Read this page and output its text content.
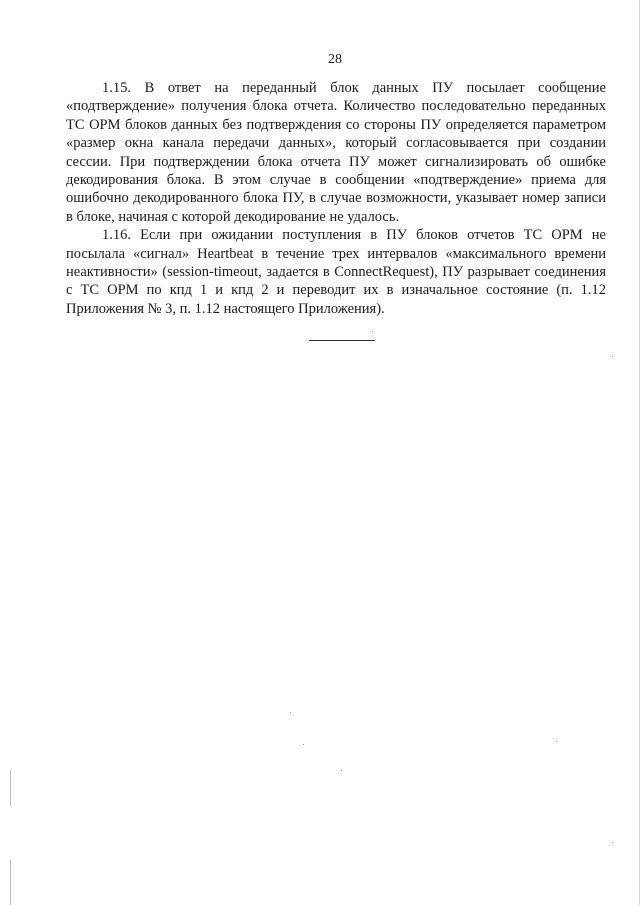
28

1.15. В ответ на переданный блок данных ПУ посылает сообщение «подтверждение» получения блока отчета. Количество последовательно переданных ТС ОРМ блоков данных без подтверждения со стороны ПУ определяется параметром «размер окна канала передачи данных», который согласовывается при создании сессии. При подтверждении блока отчета ПУ может сигнализировать об ошибке декодирования блока. В этом случае в сообщении «подтверждение» приема для ошибочно декодированного блока ПУ, в случае возможности, указывает номер записи в блоке, начиная с которой декодирование не удалось.

1.16. Если при ожидании поступления в ПУ блоков отчетов ТС ОРМ не посылала «сигнал» Heartbeat в течение трех интервалов «максимального времени неактивности» (session-timeout, задается в ConnectRequest), ПУ разрывает соединения с ТС ОРМ по кпд 1 и кпд 2 и переводит их в изначальное состояние (п. 1.12 Приложения № 3, п. 1.12 настоящего Приложения).
